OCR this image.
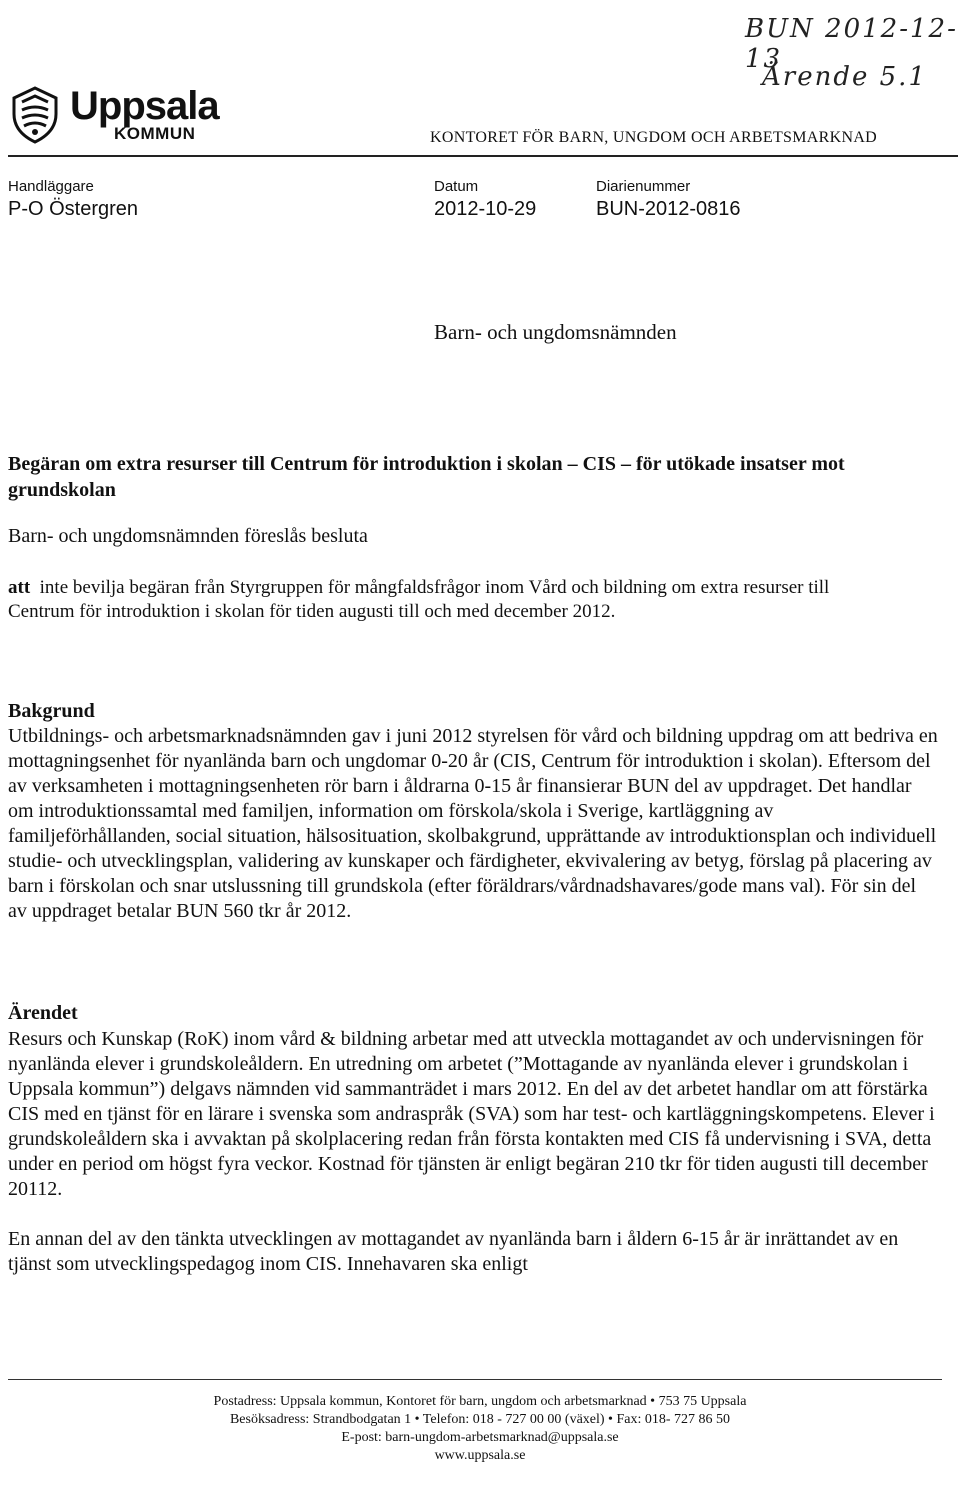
BUN 2012-12-13
Ärende 5.1
Uppsala
KOMMUN	KONTORET FÖR BARN, UNGDOM OCH ARBETSMARKNAD
Handläggare
P-O Östergren
Datum
2012-10-29
Diarienummer
BUN-2012-0816
Barn- och ungdomsnämnden
Begäran om extra resurser till Centrum för introduktion i skolan – CIS – för utökade insatser mot grundskolan
Barn- och ungdomsnämnden föreslås besluta
att inte bevilja begäran från Styrgruppen för mångfaldsfrågor inom Vård och bildning om extra resurser till Centrum för introduktion i skolan för tiden augusti till och med december 2012.
Bakgrund

Utbildnings- och arbetsmarknadsnämnden gav i juni 2012 styrelsen för vård och bildning uppdrag om att bedriva en mottagningsenhet för nyanlända barn och ungdomar 0-20 år (CIS, Centrum för introduktion i skolan). Eftersom del av verksamheten i mottagningsenheten rör barn i åldrarna 0-15 år finansierar BUN del av uppdraget. Det handlar om introduktionssamtal med familjen, information om förskola/skola i Sverige, kartläggning av familjeförhållanden, social situation, hälsosituation, skolbakgrund, upprättande av introduktionsplan och individuell studie- och utvecklingsplan, validering av kunskaper och färdigheter, ekvivalering av betyg, förslag på placering av barn i förskolan och snar utslussning till grundskola (efter föräldrars/vårdnadshavares/gode mans val). För sin del av uppdraget betalar BUN 560 tkr år 2012.

Ärendet

Resurs och Kunskap (RoK) inom vård & bildning arbetar med att utveckla mottagandet av och undervisningen för nyanlända elever i grundskoleåldern. En utredning om arbetet (”Mottagande av nyanlända elever i grundskolan i Uppsala kommun”) delgavs nämnden vid sammanträdet i mars 2012. En del av det arbetet handlar om att förstärka CIS med en tjänst för en lärare i svenska som andraspråk (SVA) som har test- och kartläggningskompetens. Elever i grundskoleåldern ska i avvaktan på skolplacering redan från första kontakten med CIS få undervisning i SVA, detta under en period om högst fyra veckor. Kostnad för tjänsten är enligt begäran 210 tkr för tiden augusti till december 20112.

En annan del av den tänkta utvecklingen av mottagandet av nyanlända barn i åldern 6-15 år är inrättandet av en tjänst som utvecklingspedagog inom CIS. Innehavaren ska enligt

Postadress: Uppsala kommun, Kontoret för barn, ungdom och arbetsmarknad • 753 75 Uppsala
Besöksadress: Strandbodgatan 1 • Telefon: 018 - 727 00 00 (växel) • Fax: 018- 727 86 50
E-post: barn-ungdom-arbetsmarknad@uppsala.se
www.uppsala.se
